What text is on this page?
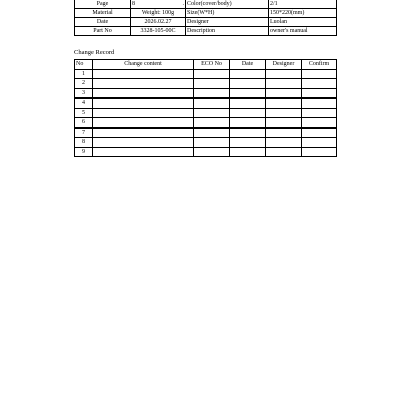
Page	8 .	Color(cover/body)	2/1
Material	Weight: 100g	Size(W*H)	150*220(mm)
Date	2026.02.27	Designer	Luolan
Part No	3328-105-00C	Description	owner's manual
Change Record
No	Change content	ECO No	Date	Designer	Confirm
1					
2					
3					
4					
5					
6					
7					
8					
9					
